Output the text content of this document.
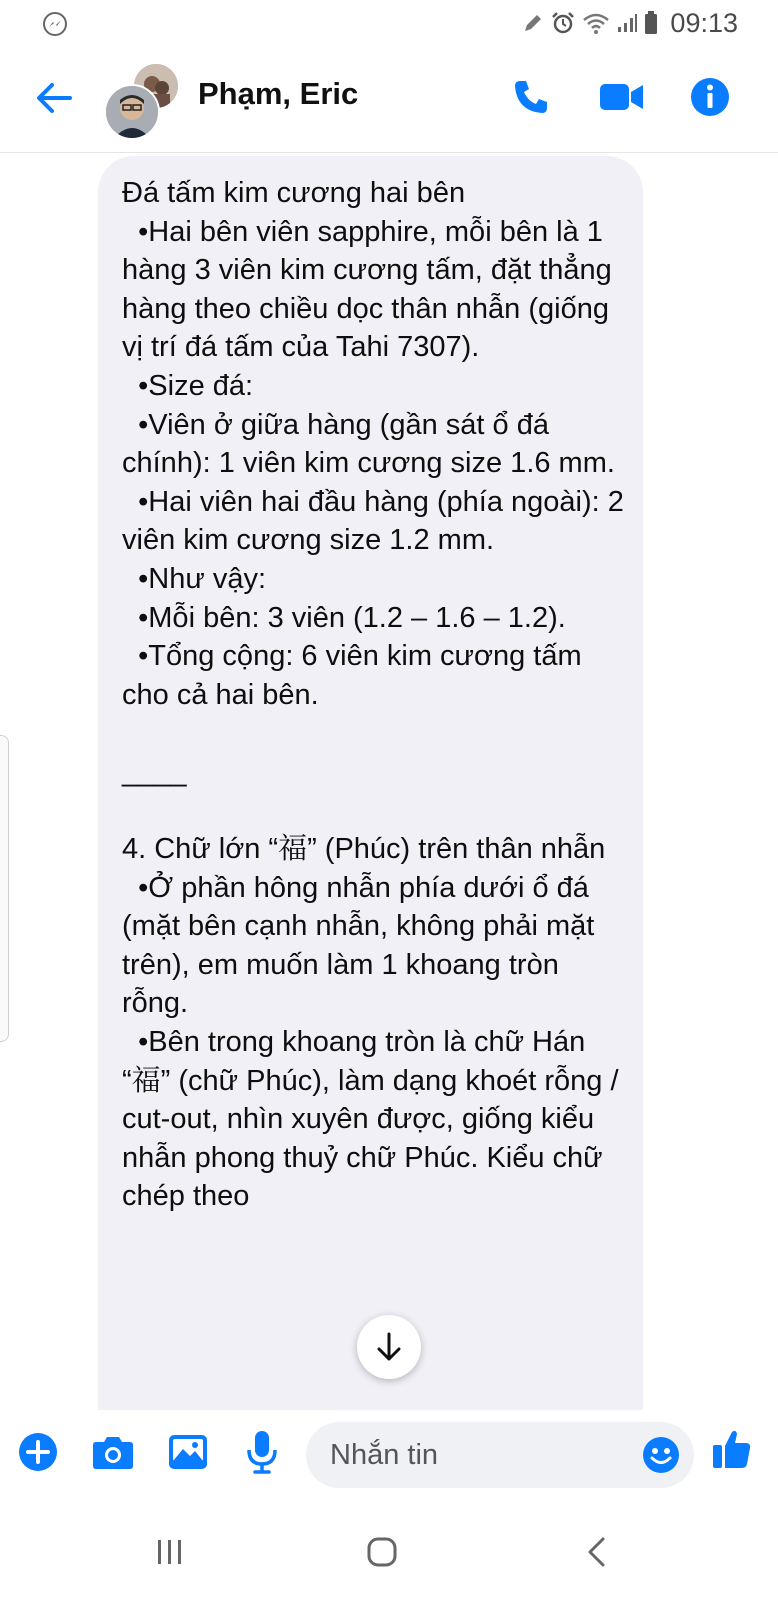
09:13
Phạm, Eric
Đá tấm kim cương hai bên
•Hai bên viên sapphire, mỗi bên là 1 hàng 3 viên kim cương tấm, đặt thẳng hàng theo chiều dọc thân nhẫn (giống vị trí đá tấm của Tahi 7307).
•Size đá:
•Viên ở giữa hàng (gần sát ổ đá chính): 1 viên kim cương size 1.6 mm.
•Hai viên hai đầu hàng (phía ngoài): 2 viên kim cương size 1.2 mm.
•Như vậy:
•Mỗi bên: 3 viên (1.2 – 1.6 – 1.2).
•Tổng cộng: 6 viên kim cương tấm cho cả hai bên.

____

4. Chữ lớn “福” (Phúc) trên thân nhẫn
•Ở phần hông nhẫn phía dưới ổ đá (mặt bên cạnh nhẫn, không phải mặt trên), em muốn làm 1 khoang tròn rỗng.
•Bên trong khoang tròn là chữ Hán “福” (chữ Phúc), làm dạng khoét rỗng / cut-out, nhìn xuyên được, giống kiểu nhẫn phong thuỷ chữ Phúc. Kiểu chữ chép theo
Nhắn tin
